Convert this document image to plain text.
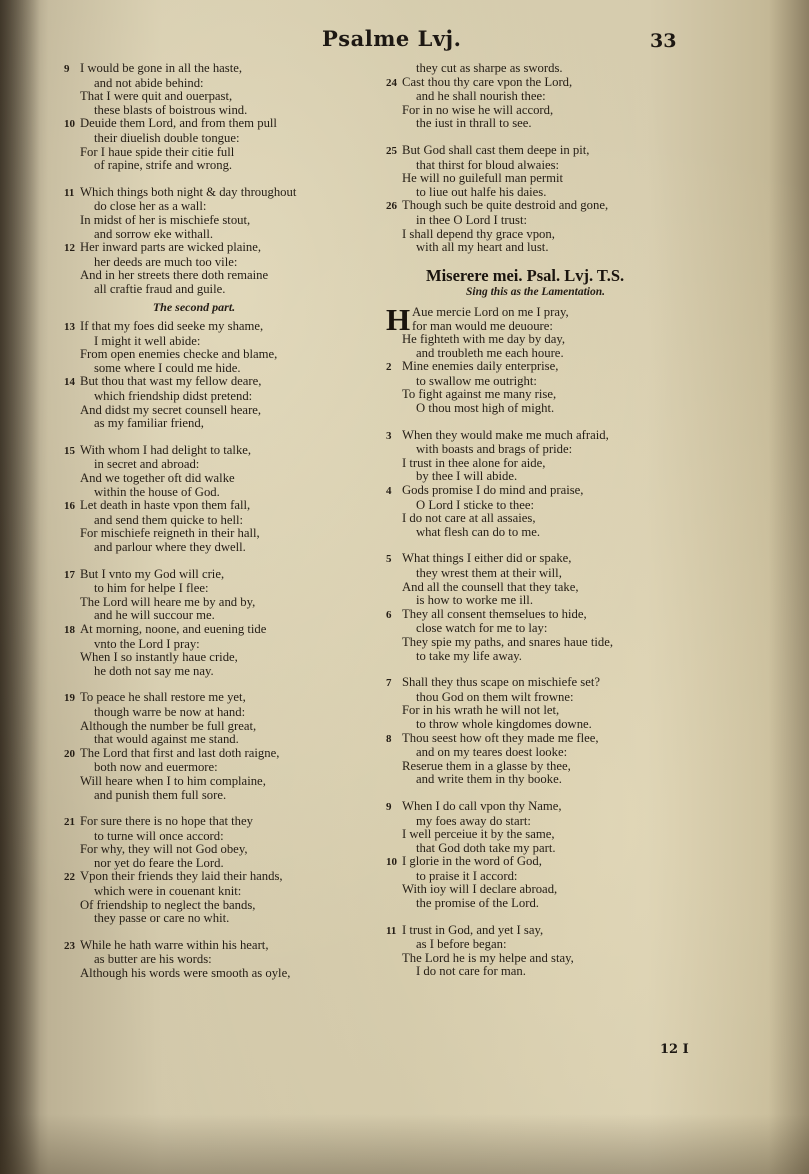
Psalme Lvj.	33
9 I would be gone in all the haste,
and not abide behind:
That I were quit and ouerpast,
these blasts of boistrous wind.
10 Deuide them Lord, and from them pull
their diuelish double tongue:
For I haue spide their citie full
of rapine, strife and wrong.
11 Which things both night & day throughout
do close her as a wall:
In midst of her is mischiefe stout,
and sorrow eke withall.
12 Her inward parts are wicked plaine,
her deeds are much too vile:
And in her streets there doth remaine
all craftie fraud and guile.
The second part.
13 If that my foes did seeke my shame,
I might it well abide:
From open enemies checke and blame,
some where I could me hide.
14 But thou that wast my fellow deare,
which friendship didst pretend:
And didst my secret counsell heare,
as my familiar friend,
15 With whom I had delight to talke,
in secret and abroad:
And we together oft did walke
within the house of God.
16 Let death in haste vpon them fall,
and send them quicke to hell:
For mischiefe reigneth in their hall,
and parlour where they dwell.
17 But I vnto my God will crie,
to him for helpe I flee:
The Lord will heare me by and by,
and he will succour me.
18 At morning, noone, and euening tide
vnto the Lord I pray:
When I so instantly haue cride,
he doth not say me nay.
19 To peace he shall restore me yet,
though warre be now at hand:
Although the number be full great,
that would against me stand.
20 The Lord that first and last doth raigne,
both now and euermore:
Will heare when I to him complaine,
and punish them full sore.
21 For sure there is no hope that they
to turne will once accord:
For why, they will not God obey,
nor yet do feare the Lord.
22 Vpon their friends they laid their hands,
which were in couenant knit:
Of friendship to neglect the bands,
they passe or care no whit.
23 While he hath warre within his heart,
as butter are his words:
Although his words were smooth as oyle,
they cut as sharpe as swords.
24 Cast thou thy care vpon the Lord,
and he shall nourish thee:
For in no wise he will accord,
the iust in thrall to see.
25 But God shall cast them deepe in pit,
that thirst for bloud alwaies:
He will no guilefull man permit
to liue out halfe his daies.
26 Though such be quite destroid and gone,
in thee O Lord I trust:
I shall depend thy grace vpon,
with all my heart and lust.
Miserere mei. Psal. Lvj. T.S.
Sing this as the Lamentation.
H Aue mercie Lord on me I pray,
for man would me deuoure:
He fighteth with me day by day,
and troubleth me each houre.
2 Mine enemies daily enterprise,
to swallow me outright:
To fight against me many rise,
O thou most high of might.
3 When they would make me much afraid,
with boasts and brags of pride:
I trust in thee alone for aide,
by thee I will abide.
4 Gods promise I do mind and praise,
O Lord I sticke to thee:
I do not care at all assaies,
what flesh can do to me.
5 What things I either did or spake,
they wrest them at their will,
And all the counsell that they take,
is how to worke me ill.
6 They all consent themselues to hide,
close watch for me to lay:
They spie my paths, and snares haue tide,
to take my life away.
7 Shall they thus scape on mischiefe set?
thou God on them wilt frowne:
For in his wrath he will not let,
to throw whole kingdomes downe.
8 Thou seest how oft they made me flee,
and on my teares doest looke:
Reserue them in a glasse by thee,
and write them in thy booke.
9 When I do call vpon thy Name,
my foes away do start:
I well perceiue it by the same,
that God doth take my part.
10 I glorie in the word of God,
to praise it I accord:
With ioy will I declare abroad,
the promise of the Lord.
11 I trust in God, and yet I say,
as I before began:
The Lord he is my helpe and stay,
I do not care for man.
12 I
